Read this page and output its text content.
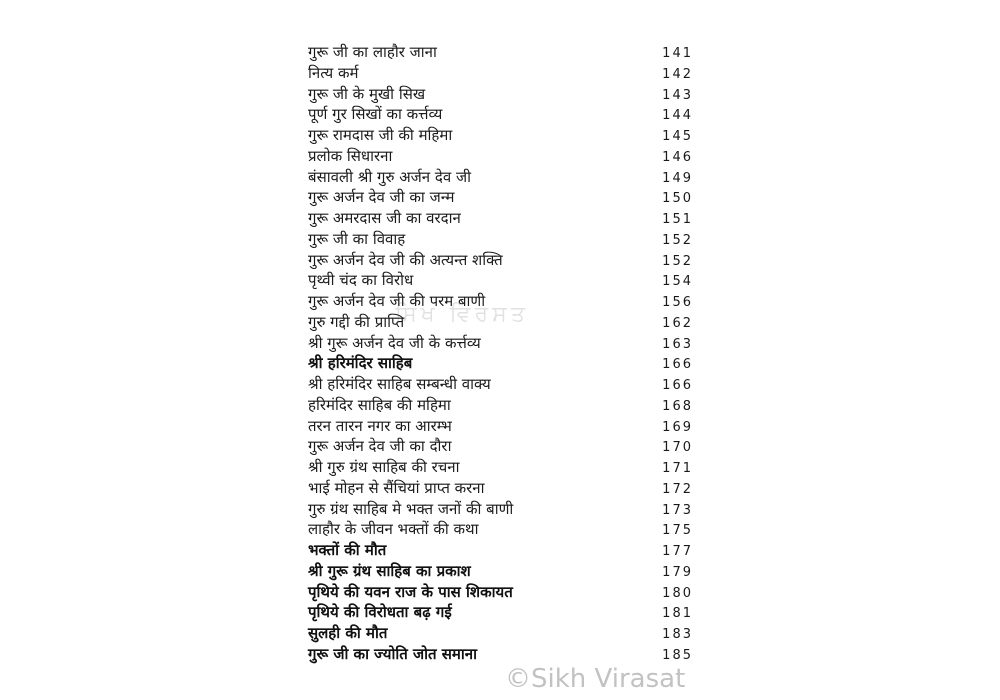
ਸਿਖ ਵਿਰਸਤ
गुरू जी का लाहौर जाना	141
नित्य कर्म	142
गुरू जी के मुखी सिख	143
पूर्ण गुर सिखों का कर्त्तव्य	144
गुरू रामदास जी की महिमा	145
प्रलोक सिधारना	146
बंसावली श्री गुरु अर्जन देव जी	149
गुरू अर्जन देव जी का जन्म	150
गुरू अमरदास जी का वरदान	151
गुरू जी का विवाह	152
गुरू अर्जन देव जी की अत्यन्त शक्ति	152
पृथ्वी चंद का विरोध	154
गुरू अर्जन देव जी की परम बाणी	156
गुरु गद्दी की प्राप्ति	162
श्री गुरू अर्जन देव जी के कर्त्तव्य	163
श्री हरिमंदिर साहिब	166
श्री हरिमंदिर साहिब सम्बन्धी वाक्य	166
हरिमंदिर साहिब की महिमा	168
तरन तारन नगर का आरम्भ	169
गुरू अर्जन देव जी का दौरा	170
श्री गुरु ग्रंथ साहिब की रचना	171
भाई मोहन से सैंचियां प्राप्त करना	172
गुरु ग्रंथ साहिब मे भक्त जनों की बाणी	173
लाहौर के जीवन भक्तों की कथा	175
भक्तों की मौत	177
श्री गुरू ग्रंथ साहिब का प्रकाश	179
पृथिये की यवन राज के पास शिकायत	180
पृथिये की विरोधता बढ़ गई	181
सुलही की मौत	183
गुरू जी का ज्योति जोत समाना	185
©Sikh Virasat
